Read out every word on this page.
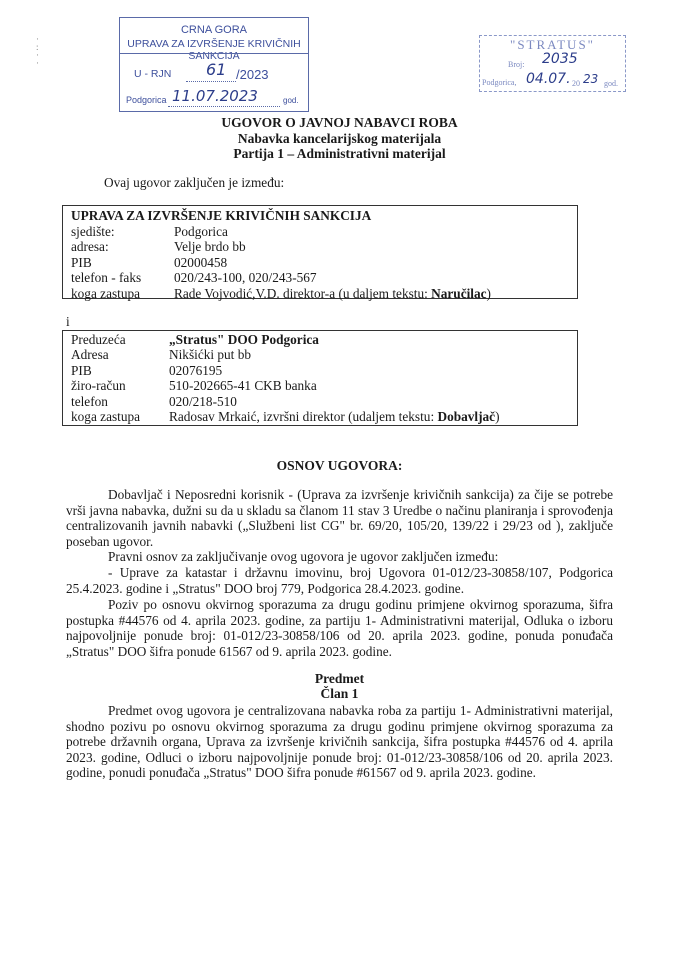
·
:
·
·
CRNA GORA
UPRAVA ZA IZVRŠENJE KRIVIČNIH SANKCIJA
U - RJN 61 /2023
Podgorica 11.07.2023	god.
"STRATUS"
Broj: 2035
Podgorica, 04.07. 20 23 god.
UGOVOR O JAVNOJ NABAVCI ROBA
Nabavka kancelarijskog materijala
Partija 1 – Administrativni materijal
Ovaj ugovor zaključen je između:
UPRAVA ZA IZVRŠENJE KRIVIČNIH SANKCIJA
sjedište:	Podgorica
adresa:	Velje brdo bb
PIB	02000458
telefon - faks	020/243-100, 020/243-567
koga zastupa	Rade Vojvodić,V.D. direktor-a (u daljem tekstu: Naručilac)
i
Preduzeća	„Stratus" DOO Podgorica
Adresa	Nikšićki put bb
PIB	02076195
žiro-račun	510-202665-41 CKB banka
telefon	020/218-510
koga zastupa	Radosav Mrkaić, izvršni direktor (udaljem tekstu: Dobavljač)
OSNOV UGOVORA:
Dobavljač i Neposredni korisnik - (Uprava za izvršenje krivičnih sankcija) za čije se potrebe vrši javna nabavka, dužni su da u skladu sa članom 11 stav 3 Uredbe o načinu planiranja i sprovođenja centralizovanih javnih nabavki („Službeni list CG" br. 69/20, 105/20, 139/22 i 29/23 od ), zaključe poseban ugovor.
Pravni osnov za zaključivanje ovog ugovora je ugovor zaključen između:
- Uprave za katastar i državnu imovinu, broj Ugovora 01-012/23-30858/107, Podgorica 25.4.2023. godine i „Stratus" DOO broj 779, Podgorica 28.4.2023. godine.
Poziv po osnovu okvirnog sporazuma za drugu godinu primjene okvirnog sporazuma, šifra postupka #44576 od 4. aprila 2023. godine, za partiju 1- Administrativni materijal, Odluka o izboru najpovoljnije ponude broj: 01-012/23-30858/106 od 20. aprila 2023. godine, ponuda ponuđača „Stratus" DOO šifra ponude 61567 od 9. aprila 2023. godine.
Predmet
Član 1
Predmet ovog ugovora je centralizovana nabavka roba za partiju 1- Administrativni materijal, shodno pozivu po osnovu okvirnog sporazuma za drugu godinu primjene okvirnog sporazuma za potrebe državnih organa, Uprava za izvršenje krivičnih sankcija, šifra postupka #44576 od 4. aprila 2023. godine, Odluci o izboru najpovoljnije ponude broj: 01-012/23-30858/106 od 20. aprila 2023. godine, ponudi ponuđača „Stratus" DOO šifra ponude #61567 od 9. aprila 2023. godine.
